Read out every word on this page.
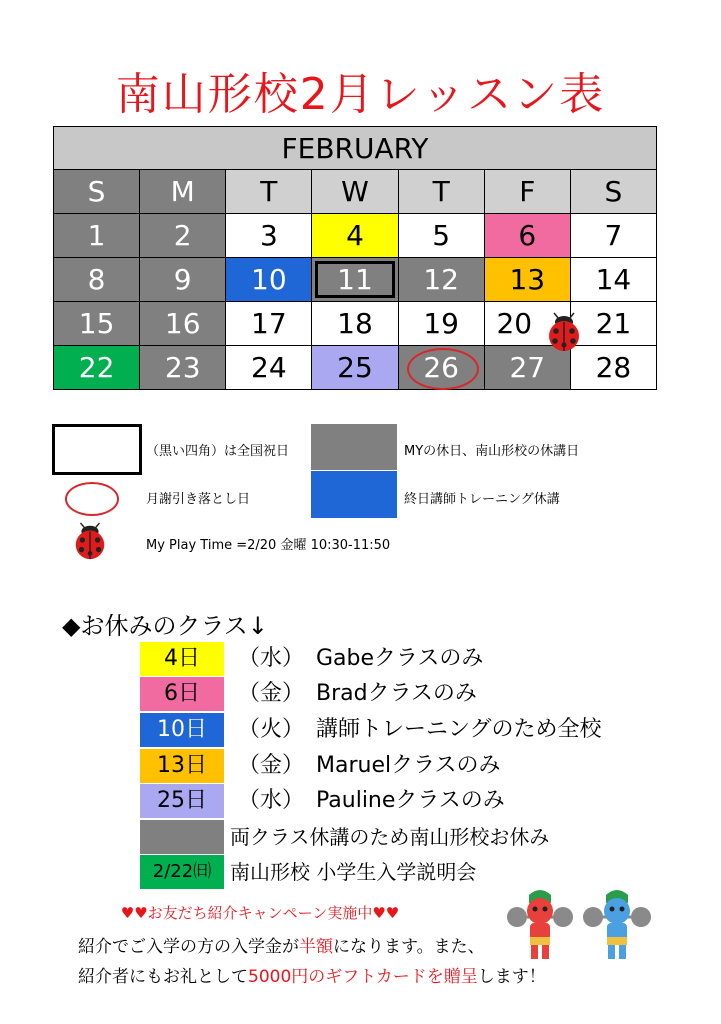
南山形校2月レッスン表
FEBRUARY						
S	M	T	W	T	F	S
1	2	3	4	5	6	7
8	9	10	11	12	13	14
15	16	17	18	19	20	21
22	23	24	25	26	27	28
（黒い四角）は全国祝日	MYの休日、南山形校の休講日
月謝引き落とし日	終日講師トレーニング休講
My Play Time =2/20 金曜 10:30-11:50
◆お休みのクラス↓
4日	（水） Gabeクラスのみ
6日	（金） Bradクラスのみ
10日	（火） 講師トレーニングのため全校
13日	（金） Maruelクラスのみ
25日	（水） Paulineクラスのみ
両クラス休講のため南山形校お休み
2/22㈰ 南山形校 小学生入学説明会
♥♥お友だち紹介キャンペーン実施中♥♥
紹介でご入学の方の入学金が半額になります。また、
紹介者にもお礼として5000円のギフトカードを贈呈します！
